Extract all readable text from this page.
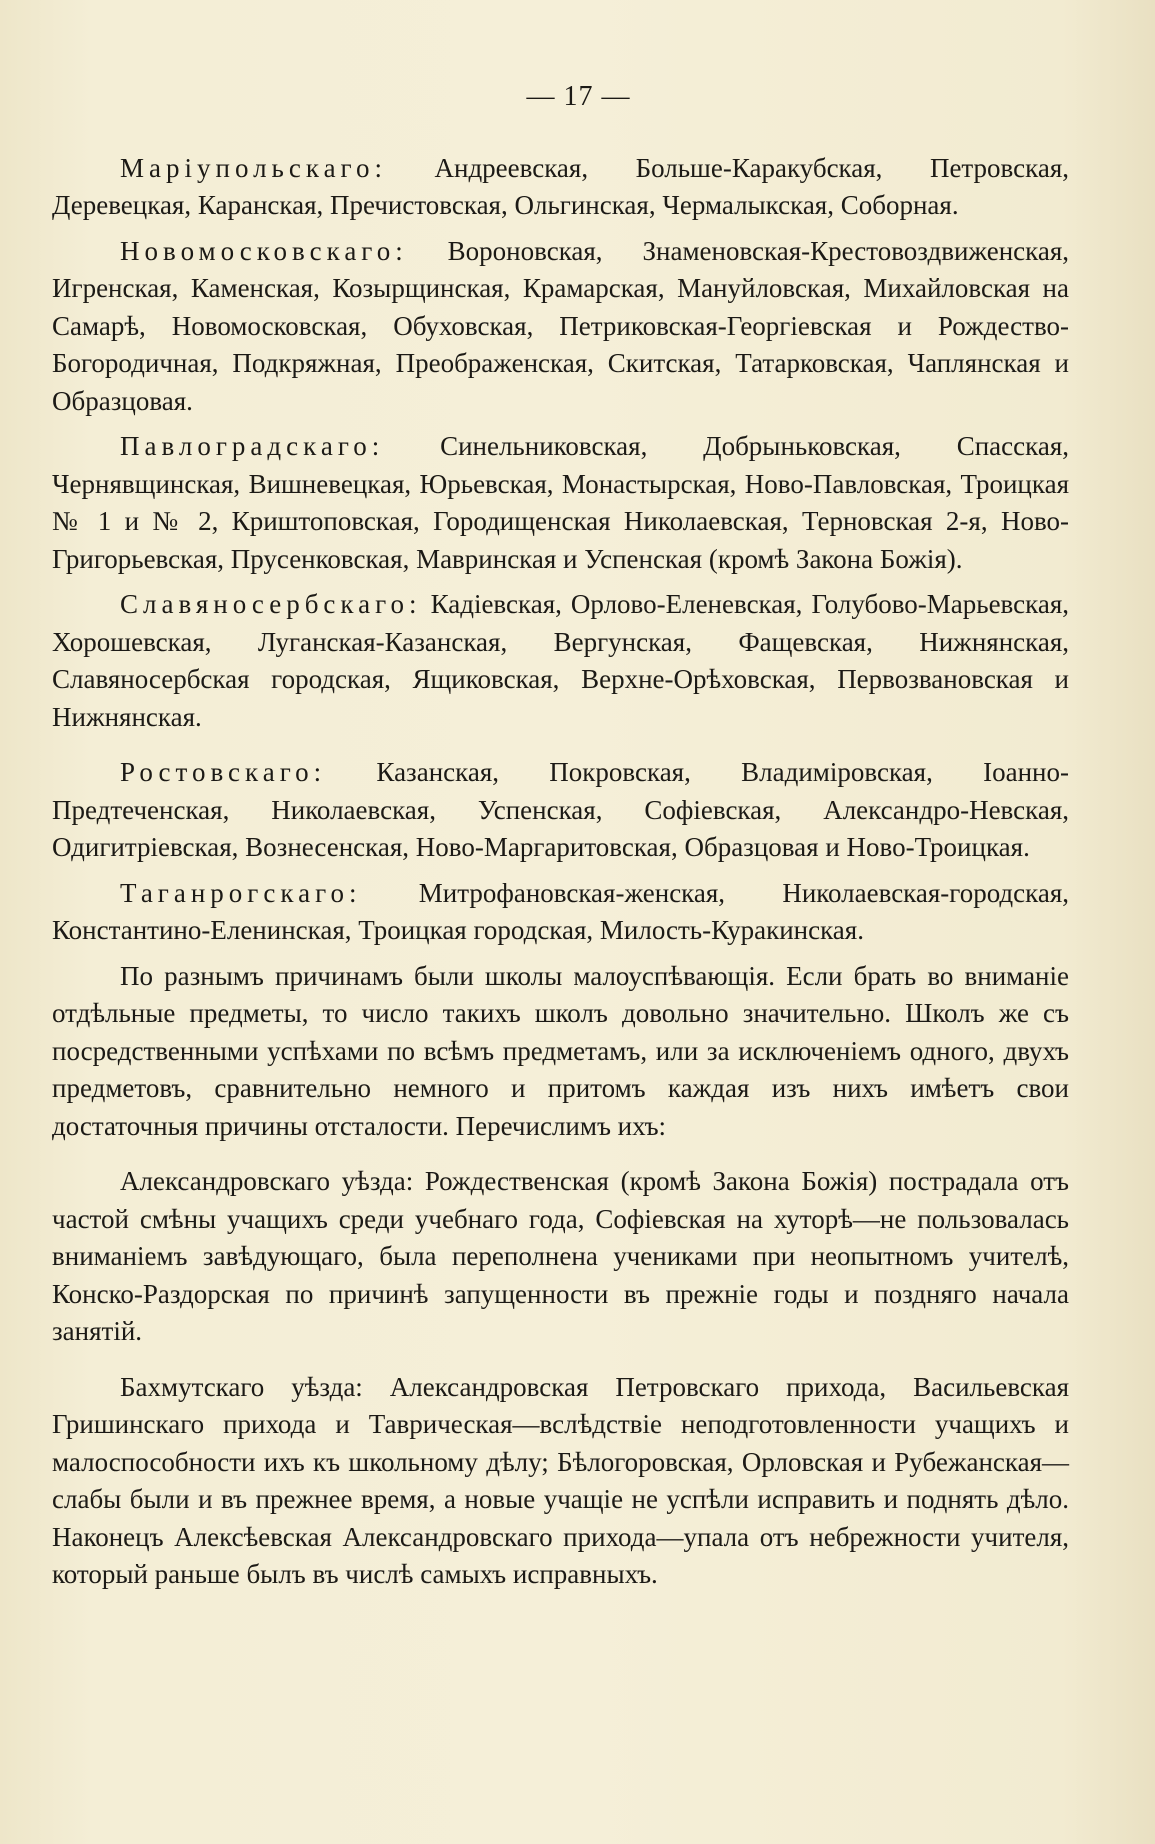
— 17 —

Маріупольскаго: Андреевская, Больше-Каракубская, Петровская, Деревецкая, Каранская, Пречистовская, Ольгинская, Чермалыкская, Соборная.

Новомосковскаго: Вороновская, Знаменовская-Крестовоздвиженская, Игренская, Каменская, Козырщинская, Крамарская, Мануйловская, Михайловская на Самарѣ, Новомосковская, Обуховская, Петриковская-Георгіевская и Рождество-Богородичная, Подкряжная, Преображенская, Скитская, Татарковская, Чаплянская и Образцовая.

Павлоградскаго: Синельниковская, Добрыньковская, Спасская, Чернявщинская, Вишневецкая, Юрьевская, Монастырская, Ново-Павловская, Троицкая № 1 и № 2, Криштоповская, Городищенская Николаевская, Терновская 2-я, Ново-Григорьевская, Прусенковская, Мавринская и Успенская (кромѣ Закона Божія).

Славяносербскаго: Кадіевская, Орлово-Еленевская, Голубово-Марьевская, Хорошевская, Луганская-Казанская, Вергунская, Фащевская, Нижнянская, Славяносербская городская, Ящиковская, Верхне-Орѣховская, Первозвановская и Нижнянская.

Ростовскаго: Казанская, Покровская, Владиміровская, Іоанно-Предтеченская, Николаевская, Успенская, Софіевская, Александро-Невская, Одигитріевская, Вознесенская, Ново-Маргаритовская, Образцовая и Ново-Троицкая.

Таганрогскаго: Митрофановская-женская, Николаевская-городская, Константино-Еленинская, Троицкая городская, Милость-Куракинская.

По разнымъ причинамъ были школы малоуспѣвающія. Если брать во вниманіе отдѣльные предметы, то число такихъ школъ довольно значительно. Школъ же съ посредственными успѣхами по всѣмъ предметамъ, или за исключеніемъ одного, двухъ предметовъ, сравнительно немного и притомъ каждая изъ нихъ имѣетъ свои достаточныя причины отсталости. Перечислимъ ихъ:

Александровскаго уѣзда: Рождественская (кромѣ Закона Божія) пострадала отъ частой смѣны учащихъ среди учебнаго года, Софіевская на хуторѣ—не пользовалась вниманіемъ завѣдующаго, была переполнена учениками при неопытномъ учителѣ, Конско-Раздорская по причинѣ запущенности въ прежніе годы и поздняго начала занятій.

Бахмутскаго уѣзда: Александровская Петровскаго прихода, Васильевская Гришинскаго прихода и Таврическая—вслѣдствіе неподготовленности учащихъ и малоспособности ихъ къ школьному дѣлу; Бѣлогоровская, Орловская и Рубежанская—слабы были и въ прежнее время, а новые учащіе не успѣли исправить и поднять дѣло. Наконецъ Алексѣевская Александровскаго прихода—упала отъ небрежности учителя, который раньше былъ въ числѣ самыхъ исправныхъ.
